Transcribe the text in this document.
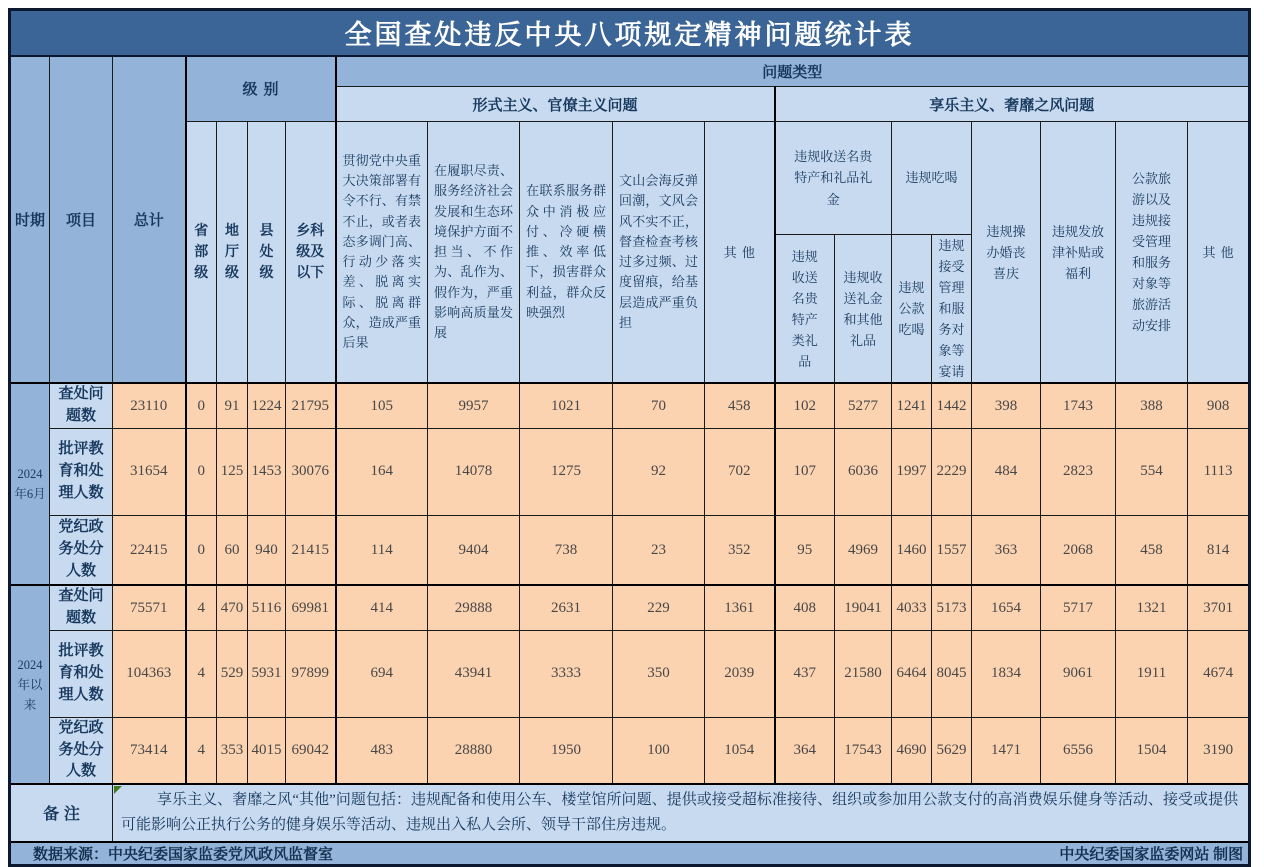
全国查处违反中央八项规定精神问题统计表																			
时期	项目	总计	级别				问题类型												
							形式主义、官僚主义问题					享乐主义、奢靡之风问题							
			省部级	地厅级	县处级	乡科级及以下	贯彻党中央重大决策部署有令不行、有禁不止，或者表态多调门高、行动少落实差、脱离实际、脱离群众，造成严重后果	在履职尽责、服务经济社会发展和生态环境保护方面不担当、不作为、乱作为、假作为，严重影响高质量发展	在联系服务群众中消极应付、冷硬横推、效率低下，损害群众利益，群众反映强烈	文山会海反弹回潮，文风会风不实不正，督查检查考核过多过频、过度留痕，给基层造成严重负担	其他	违规收送名贵特产和礼品礼金		违规吃喝		违规操办婚丧喜庆	违规发放津补贴或福利	公款旅游以及违规接受管理和服务对象等旅游活动安排	其他
												违规收送名贵特产类礼品	违规收送礼金和其他礼品	违规公款吃喝	违规接受管理和服务对象等宴请				
2024年6月	查处问题数	23110	0	91	1224	21795	105	9957	1021	70	458	102	5277	1241	1442	398	1743	388	908
	批评教育和处理人数	31654	0	125	1453	30076	164	14078	1275	92	702	107	6036	1997	2229	484	2823	554	1113
	党纪政务处分人数	22415	0	60	940	21415	114	9404	738	23	352	95	4969	1460	1557	363	2068	458	814
2024年以来	查处问题数	75571	4	470	5116	69981	414	29888	2631	229	1361	408	19041	4033	5173	1654	5717	1321	3701
	批评教育和处理人数	104363	4	529	5931	97899	694	43941	3333	350	2039	437	21580	6464	8045	1834	9061	1911	4674
	党纪政务处分人数	73414	4	353	4015	69042	483	28880	1950	100	1054	364	17543	4690	5629	1471	6556	1504	3190
备注		享乐主义、奢靡之风“其他”问题包括：违规配备和使用公车、楼堂馆所问题、提供或接受超标准接待、组织或参加用公款支付的高消费娱乐健身等活动、接受或提供可能影响公正执行公务的健身娱乐等活动、违规出入私人会所、领导干部住房违规。																	

数据来源：中央纪委国家监委党风政风监督室 中央纪委国家监委网站 制图																			
